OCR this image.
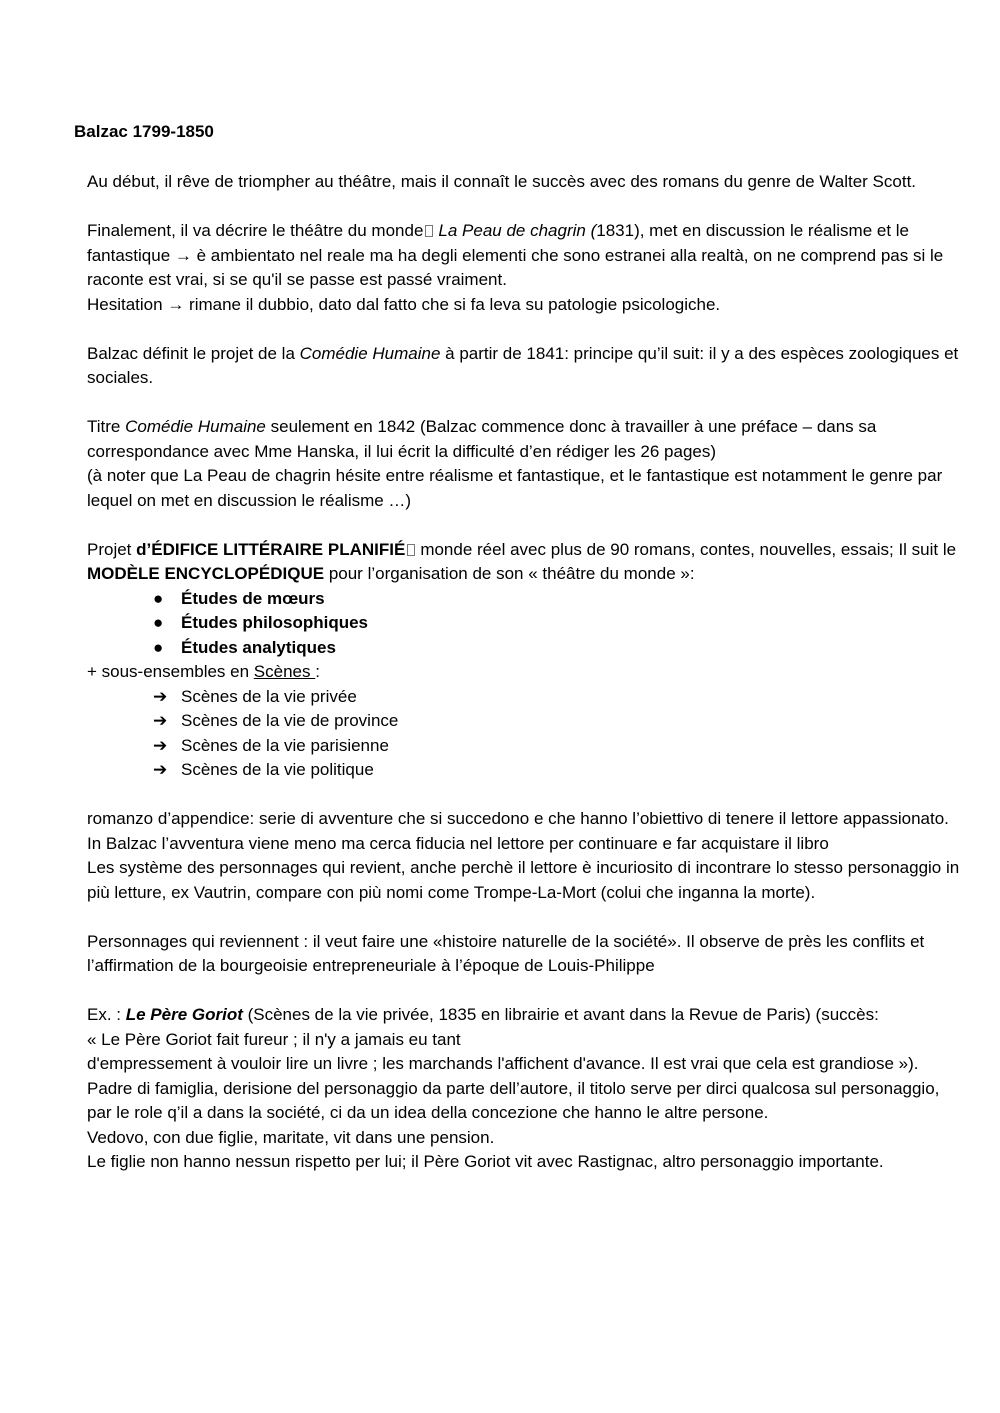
Balzac 1799-1850

Au début, il rêve de triompher au théâtre, mais il connaît le succès avec des romans du genre de Walter Scott.

Finalement, il va décrire le théâtre du monde La Peau de chagrin (1831), met en discussion le réalisme et le fantastique → è ambientato nel reale ma ha degli elementi che sono estranei alla realtà, on ne comprend pas si le raconte est vrai, si se qu'il se passe est passé vraiment.

Hesitation → rimane il dubbio, dato dal fatto che si fa leva su patologie psicologiche.

Balzac définit le projet de la Comédie Humaine à partir de 1841: principe qu’il suit: il y a des espèces zoologiques et sociales.

Titre Comédie Humaine seulement en 1842 (Balzac commence donc à travailler à une préface – dans sa correspondance avec Mme Hanska, il lui écrit la difficulté d’en rédiger les 26 pages)

(à noter que La Peau de chagrin hésite entre réalisme et fantastique, et le fantastique est notamment le genre par lequel on met en discussion le réalisme …)

Projet d’ÉDIFICE LITTÉRAIRE PLANIFIÉ monde réel avec plus de 90 romans, contes, nouvelles, essais; Il suit le MODÈLE ENCYCLOPÉDIQUE pour l’organisation de son « théâtre du monde »:

● Études de mœurs
● Études philosophiques
● Études analytiques

+ sous-ensembles en Scènes :

➔ Scènes de la vie privée
➔ Scènes de la vie de province
➔ Scènes de la vie parisienne
➔ Scènes de la vie politique

romanzo d’appendice: serie di avventure che si succedono e che hanno l’obiettivo di tenere il lettore appassionato. In Balzac l’avventura viene meno ma cerca fiducia nel lettore per continuare e far acquistare il libro

Les système des personnages qui revient, anche perchè il lettore è incuriosito di incontrare lo stesso personaggio in più letture, ex Vautrin, compare con più nomi come Trompe-La-Mort (colui che inganna la morte).

Personnages qui reviennent : il veut faire une «histoire naturelle de la société». Il observe de près les conflits et l’affirmation de la bourgeoisie entrepreneuriale à l’époque de Louis-Philippe

Ex. : Le Père Goriot (Scènes de la vie privée, 1835 en librairie et avant dans la Revue de Paris) (succès:

« Le Père Goriot fait fureur ; il n'y a jamais eu tant

d'empressement à vouloir lire un livre ; les marchands l'affichent d'avance. Il est vrai que cela est grandiose »).

Padre di famiglia, derisione del personaggio da parte dell’autore, il titolo serve per dirci qualcosa sul personaggio, par le role q’il a dans la société, ci da un idea della concezione che hanno le altre persone.

Vedovo, con due figlie, maritate, vit dans une pension.

Le figlie non hanno nessun rispetto per lui; il Père Goriot vit avec Rastignac, altro personaggio importante.
